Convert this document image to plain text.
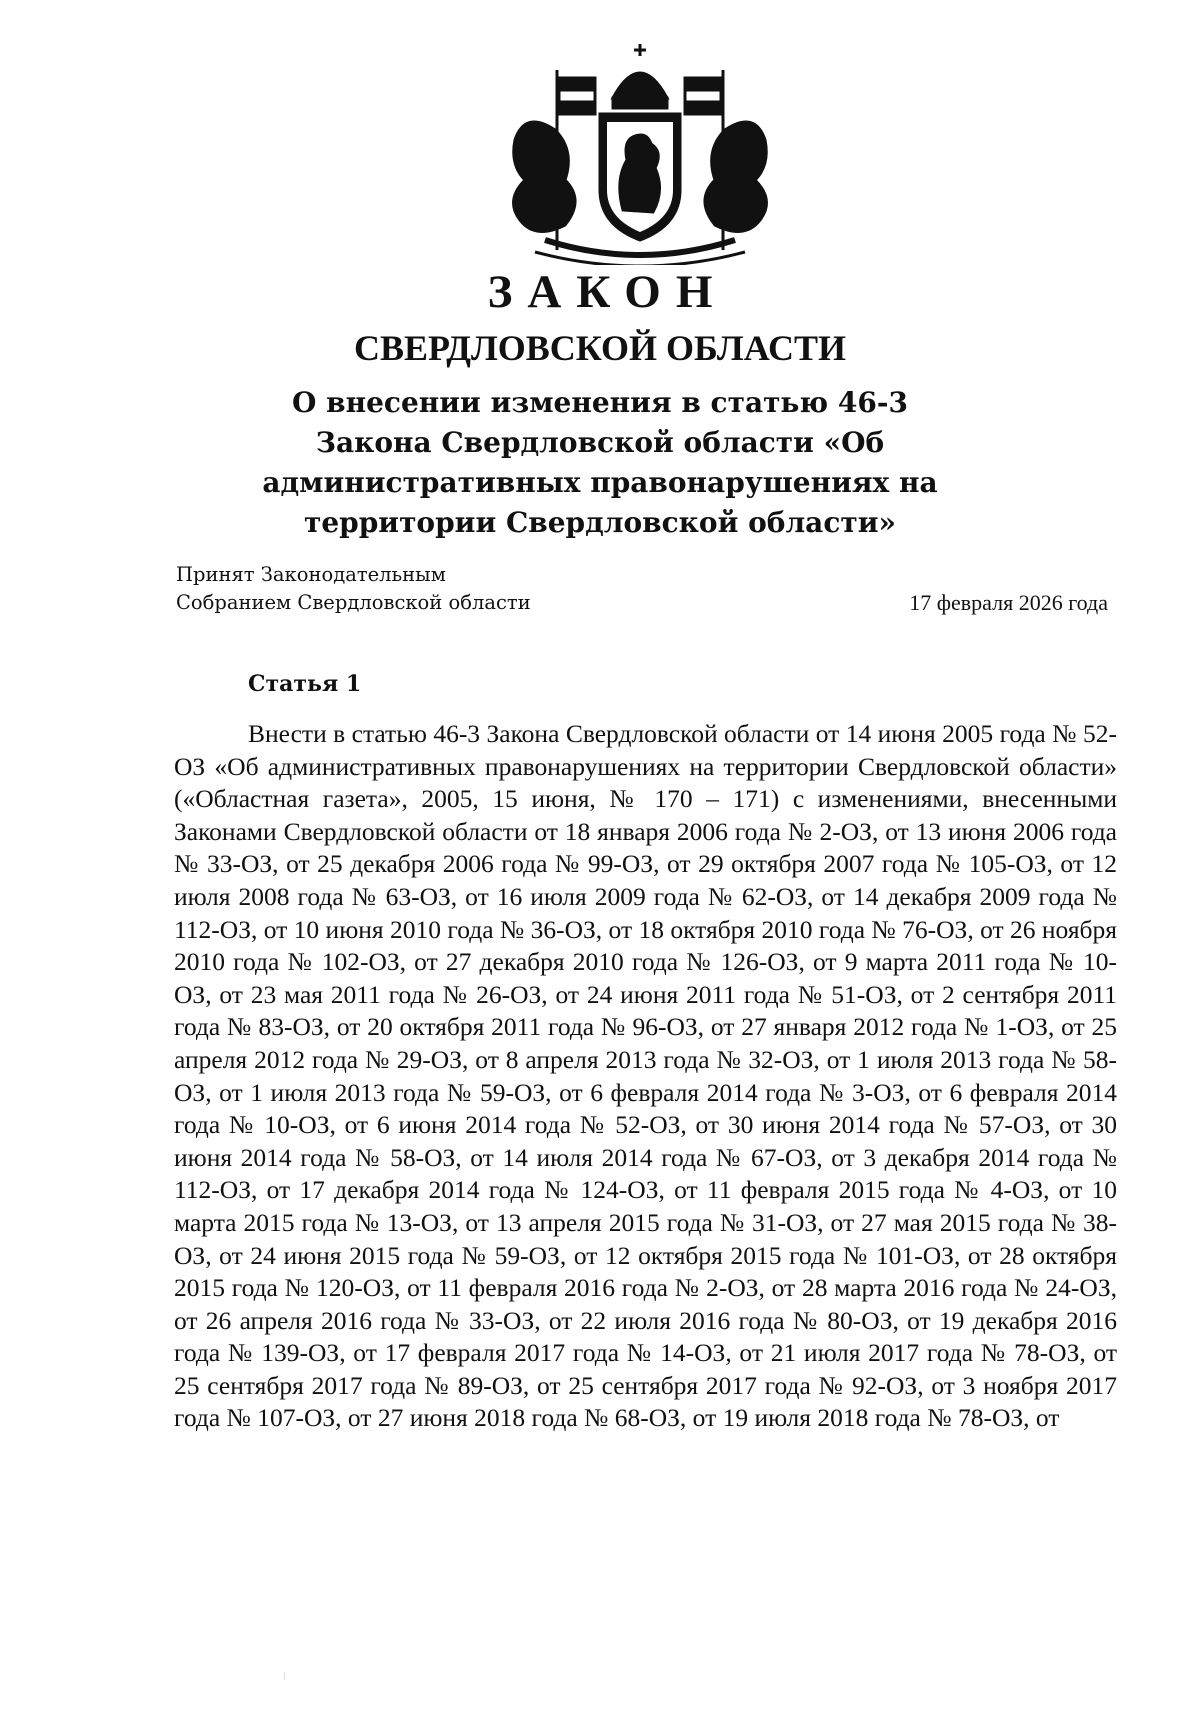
ЗАКОН
СВЕРДЛОВСКОЙ ОБЛАСТИ
О внесении изменения в статью 46-3 Закона Свердловской области «Об административных правонарушениях на территории Свердловской области»
Принят Законодательным Собранием Свердловской области	17 февраля 2026 года
Статья 1

Внести в статью 46-3 Закона Свердловской области от 14 июня 2005 года № 52-ОЗ «Об административных правонарушениях на территории Свердловской области» («Областная газета», 2005, 15 июня, № 170 – 171) с изменениями, внесенными Законами Свердловской области от 18 января 2006 года № 2-ОЗ, от 13 июня 2006 года № 33-ОЗ, от 25 декабря 2006 года № 99-ОЗ, от 29 октября 2007 года № 105-ОЗ, от 12 июля 2008 года № 63-ОЗ, от 16 июля 2009 года № 62-ОЗ, от 14 декабря 2009 года № 112-ОЗ, от 10 июня 2010 года № 36-ОЗ, от 18 октября 2010 года № 76-ОЗ, от 26 ноября 2010 года № 102-ОЗ, от 27 декабря 2010 года № 126-ОЗ, от 9 марта 2011 года № 10-ОЗ, от 23 мая 2011 года № 26-ОЗ, от 24 июня 2011 года № 51-ОЗ, от 2 сентября 2011 года № 83-ОЗ, от 20 октября 2011 года № 96-ОЗ, от 27 января 2012 года № 1-ОЗ, от 25 апреля 2012 года № 29-ОЗ, от 8 апреля 2013 года № 32-ОЗ, от 1 июля 2013 года № 58-ОЗ, от 1 июля 2013 года № 59-ОЗ, от 6 февраля 2014 года № 3-ОЗ, от 6 февраля 2014 года № 10-ОЗ, от 6 июня 2014 года № 52-ОЗ, от 30 июня 2014 года № 57-ОЗ, от 30 июня 2014 года № 58-ОЗ, от 14 июля 2014 года № 67-ОЗ, от 3 декабря 2014 года № 112-ОЗ, от 17 декабря 2014 года № 124-ОЗ, от 11 февраля 2015 года № 4-ОЗ, от 10 марта 2015 года № 13-ОЗ, от 13 апреля 2015 года № 31-ОЗ, от 27 мая 2015 года № 38-ОЗ, от 24 июня 2015 года № 59-ОЗ, от 12 октября 2015 года № 101-ОЗ, от 28 октября 2015 года № 120-ОЗ, от 11 февраля 2016 года № 2-ОЗ, от 28 марта 2016 года № 24-ОЗ, от 26 апреля 2016 года № 33-ОЗ, от 22 июля 2016 года № 80-ОЗ, от 19 декабря 2016 года № 139-ОЗ, от 17 февраля 2017 года № 14-ОЗ, от 21 июля 2017 года № 78-ОЗ, от 25 сентября 2017 года № 89-ОЗ, от 25 сентября 2017 года № 92-ОЗ, от 3 ноября 2017 года № 107-ОЗ, от 27 июня 2018 года № 68-ОЗ, от 19 июля 2018 года № 78-ОЗ, от
